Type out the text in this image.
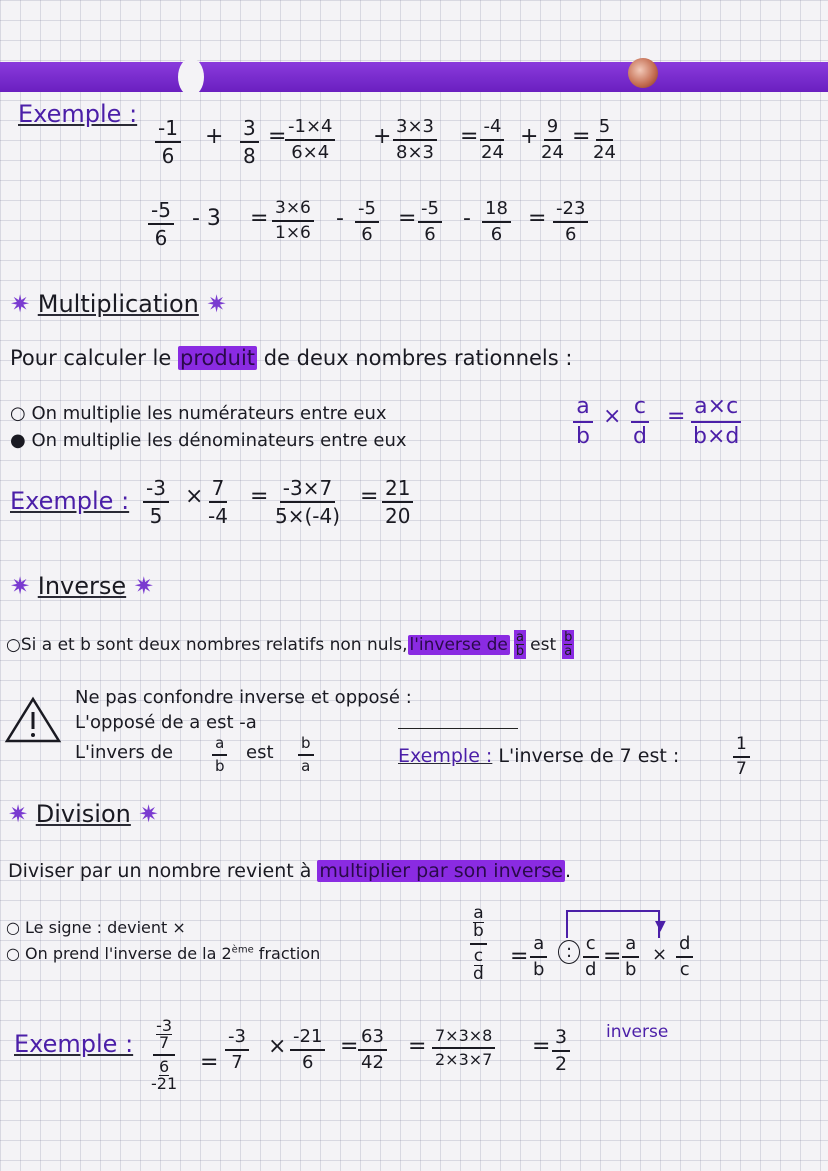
Exemple :
$\frac{-1}{6} + \frac{3}{8}$ =
$\frac{-1\times 4}{6\times 4} + \frac{3\times 3}{8\times 3} = \frac{-4}{24} + \frac{9}{24} = \frac{5}{24}$
$\frac{-5}{6} - 3 = \frac{3\times 6}{1\times 6} - \frac{-5}{6} = \frac{-5}{6} - \frac{18}{6} = \frac{-23}{6}$
✷ Multiplication ✷
Pour calculer le produit de deux nombres rationnels :
○ On multiplie les numérateurs entre eux
● On multiplie les dénominateurs entre eux	$\frac{a}{b} \times \frac{c}{d} = \frac{a\times c}{b\times d}$
Exemple : $\frac{-3}{5} \times \frac{7}{-4} = \frac{-3\times 7}{5\times(-4)} = \frac{21}{20}$
✷ Inverse ✷
○ Si a et b sont deux nombres relatifs non nuls, l'inverse de a
b est b
a
Ne pas confondre inverse et opposé :
L'opposé de a est -a
L'invers de	$\frac{a}{b}$ est $\frac{b}{a}$	Exemple : L'inverse de 7 est :	$\frac{1}{7}$
✷ Division ✷
Diviser par un nombre revient à multiplier par son inverse .
○ Le signe : devient ×
○ On prend l'inverse de la 2ème fraction	a
b
c
$d = \frac{a}{b}$	: $\frac{c}{d} = \frac{a}{b} \times \frac{d}{c}$
▼
inverse
Exemple : -3
7
6
$-21 = \frac{-3}{7} \times \frac{-21}{6} = \frac{63}{42} = \frac{7\times 3\times 8}{2\times 3\times 7} = \frac{3}{2}$
